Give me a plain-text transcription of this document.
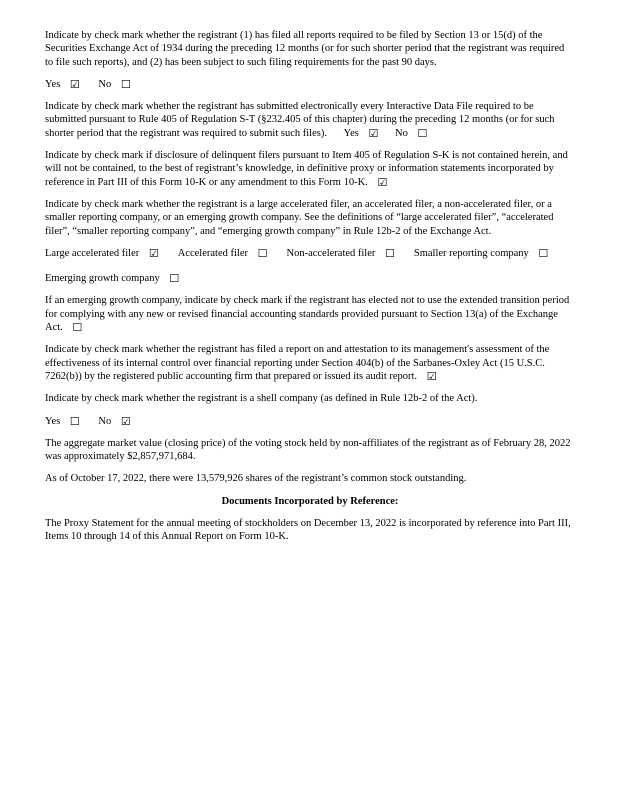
Indicate by check mark whether the registrant (1) has filed all reports required to be filed by Section 13 or 15(d) of the Securities Exchange Act of 1934 during the preceding 12 months (or for such shorter period that the registrant was required to file such reports), and (2) has been subject to such filing requirements for the past 90 days.

Yes ☑ No ☐

Indicate by check mark whether the registrant has submitted electronically every Interactive Data File required to be submitted pursuant to Rule 405 of Regulation S-T (§232.405 of this chapter) during the preceding 12 months (or for such shorter period that the registrant was required to submit such files). Yes ☑ No ☐

Indicate by check mark if disclosure of delinquent filers pursuant to Item 405 of Regulation S-K is not contained herein, and will not be contained, to the best of registrant’s knowledge, in definitive proxy or information statements incorporated by reference in Part III of this Form 10-K or any amendment to this Form 10-K. ☑

Indicate by check mark whether the registrant is a large accelerated filer, an accelerated filer, a non-accelerated filer, or a smaller reporting company, or an emerging growth company. See the definitions of “large accelerated filer”, “accelerated filer”, “smaller reporting company”, and “emerging growth company” in Rule 12b-2 of the Exchange Act.

Large accelerated filer ☑ Accelerated filer ☐ Non-accelerated filer ☐ Smaller reporting company ☐
Emerging growth company ☐

If an emerging growth company, indicate by check mark if the registrant has elected not to use the extended transition period for complying with any new or revised financial accounting standards provided pursuant to Section 13(a) of the Exchange Act. ☐

Indicate by check mark whether the registrant has filed a report on and attestation to its management's assessment of the effectiveness of its internal control over financial reporting under Section 404(b) of the Sarbanes-Oxley Act (15 U.S.C. 7262(b)) by the registered public accounting firm that prepared or issued its audit report. ☑

Indicate by check mark whether the registrant is a shell company (as defined in Rule 12b-2 of the Act).

Yes ☐ No ☑

The aggregate market value (closing price) of the voting stock held by non-affiliates of the registrant as of February 28, 2022 was approximately $2,857,971,684.

As of October 17, 2022, there were 13,579,926 shares of the registrant’s common stock outstanding.

Documents Incorporated by Reference:

The Proxy Statement for the annual meeting of stockholders on December 13, 2022 is incorporated by reference into Part III, Items 10 through 14 of this Annual Report on Form 10-K.
